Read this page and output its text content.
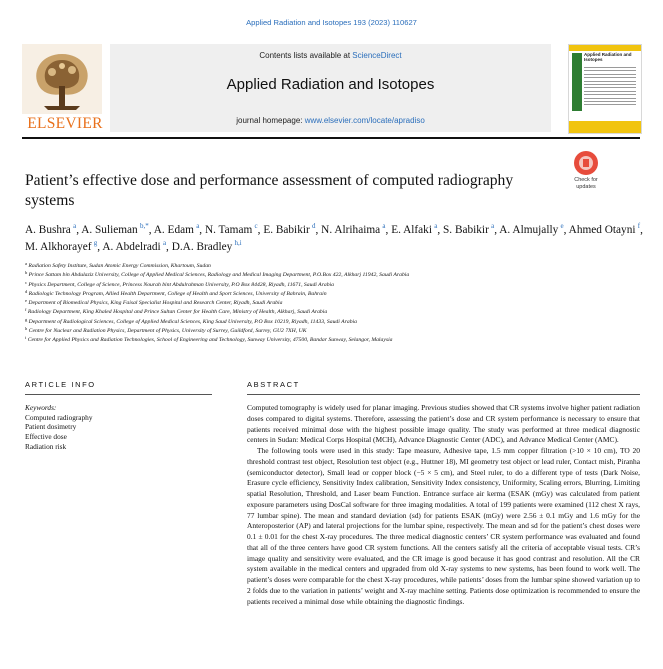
Applied Radiation and Isotopes 193 (2023) 110627
ELSEVIER
Contents lists available at ScienceDirect
Applied Radiation and Isotopes
journal homepage: www.elsevier.com/locate/apradiso
Applied Radiation and Isotopes
Check for updates
Patient’s effective dose and performance assessment of computed radiography systems
A. Bushra  $^a$, A. Sulieman  $^{b,*}$, A. Edam  $^a$, N. Tamam  $^c$, E. Babikir  $^d$, N. Alrihaima  $^a$, E. Alfaki  $^a$, S. Babikir  $^a$, A. Almujally  $^e$, Ahmed Otayni  $^f$, M. Alkhorayef  $^g$, A. Abdelradi  $^a$, D.A. Bradley  $^{h,i}$
$^a$ Radiation Safety Institute, Sudan Atomic Energy Commission, Khartoum, Sudan
$^b$ Prince Sattam bin Abdulaziz University, College of Applied Medical Sciences, Radiology and Medical Imaging Department, P.O.Box 422, Alkharj 11942, Saudi Arabia
$^c$ Physics Department, College of Science, Princess Nourah bint Abdulrahman University, P.O Box 84428, Riyadh, 11671, Saudi Arabia
$^d$ Radiologic Technology Program, Allied Health Department, College of Health and Sport Sciences, University of Bahrain, Bahrain
$^e$ Department of Biomedical Physics, King Faisal Specialist Hospital and Research Center, Riyadh, Saudi Arabia
$^f$ Radiology Department, King Khaled Hospital and Prince Sultan Center for Health Care, Ministry of Health, Alkharj, Saudi Arabia
$^g$ Department of Radiological Sciences, College of Applied Medical Sciences, King Saud University, P.O Box 10219, Riyadh, 11433, Saudi Arabia
$^h$ Centre for Nuclear and Radiation Physics, Department of Physics, University of Surrey, Guildford, Surrey, GU2 7XH, UK
$^i$ Centre for Applied Physics and Radiation Technologies, School of Engineering and Technology, Sunway University, 47500, Bandar Sunway, Selangor, Malaysia
ARTICLE INFO
Keywords:
Computed radiography
Patient dosimetry
Effective dose
Radiation risk
ABSTRACT

Computed tomography is widely used for planar imaging. Previous studies showed that CR systems involve higher patient radiation doses compared to digital systems. Therefore, assessing the patient’s dose and CR system performance is necessary to ensure that patients received minimal dose with the highest possible image quality. The study was performed at three medical diagnostic centers in Sudan: Medical Corps Hospital (MCH), Advance Diagnostic Center (ADC), and Advance Medical Center (AMC).

The following tools were used in this study: Tape measure, Adhesive tape, 1.5 mm copper filtration (>10 × 10 cm), TO 20 threshold contrast test object, Resolution test object (e.g., Huttner 18), MI geometry test object or lead ruler, Contact mish, Piranha (semiconductor detector), Small lead or copper block (−5 × 5 cm), and Steel ruler, to do a different type of tests (Dark Noise, Erasure cycle efficiency, Sensitivity Index calibration, Sensitivity Index consistency, Uniformity, Scaling errors, Blurring, Limiting spatial Resolution, Threshold, and Laser beam Function. Entrance surface air kerma (ESAK (mGy) was calculated from patient exposure parameters using DosCal software for three imaging modalities. A total of 199 patients were examined (112 chest X rays, 77 lumbar spine). The mean and standard deviation (sd) for patients ESAK (mGy) were 2.56 ± 0.1 mGy and 1.6 mGy for the Anteroposterior (AP) and lateral projections for the lumbar spine, respectively. The mean and sd for the patient’s chest doses were 0.1 ± 0.01 for the chest X-ray procedures. The three medical diagnostic centers’ CR system performance was evaluated and found that all of the three centers have good CR system functions. All the centers satisfy all the criteria of acceptable visual tests. CR’s image quality and sensitivity were evaluated, and the CR image is good because it has good contrast and resolution. All the CR system available in the medical centers and upgraded from old X-ray systems to new systems, has been found to work well. The patient’s doses were comparable for the chest X-ray procedures, while patients’ doses from the lumbar spine showed variation up to 2 folds due to the variation in patients’ weight and X-ray machine setting. Patients dose optimization is recommended to ensure the patients received a minimal dose while obtaining the diagnostic findings.
